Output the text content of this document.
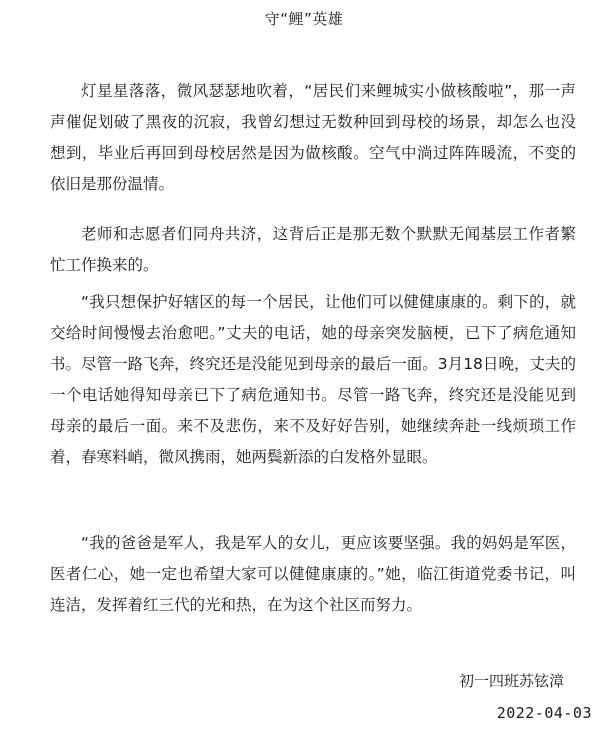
守“鲤”英雄

灯星星落落，微风瑟瑟地吹着，“居民们来鲤城实小做核酸啦”，那一声声催促划破了黑夜的沉寂，我曾幻想过无数种回到母校的场景，却怎么也没想到，毕业后再回到母校居然是因为做核酸。空气中淌过阵阵暖流，不变的依旧是那份温情。

老师和志愿者们同舟共济，这背后正是那无数个默默无闻基层工作者繁忙工作换来的。

“我只想保护好辖区的每一个居民，让他们可以健健康康的。剩下的，就交给时间慢慢去治愈吧。”丈夫的电话，她的母亲突发脑梗，已下了病危通知书。尽管一路飞奔，终究还是没能见到母亲的最后一面。3月18日晚，丈夫的一个电话她得知母亲已下了病危通知书。尽管一路飞奔，终究还是没能见到母亲的最后一面。来不及悲伤，来不及好好告别，她继续奔赴一线烦琐工作着，春寒料峭，微风携雨，她两鬓新添的白发格外显眼。

“我的爸爸是军人，我是军人的女儿，更应该要坚强。我的妈妈是军医，医者仁心，她一定也希望大家可以健健康康的。”她，临江街道党委书记，叫连洁，发挥着红三代的光和热，在为这个社区而努力。

初一四班苏铉漳
2022-04-03
